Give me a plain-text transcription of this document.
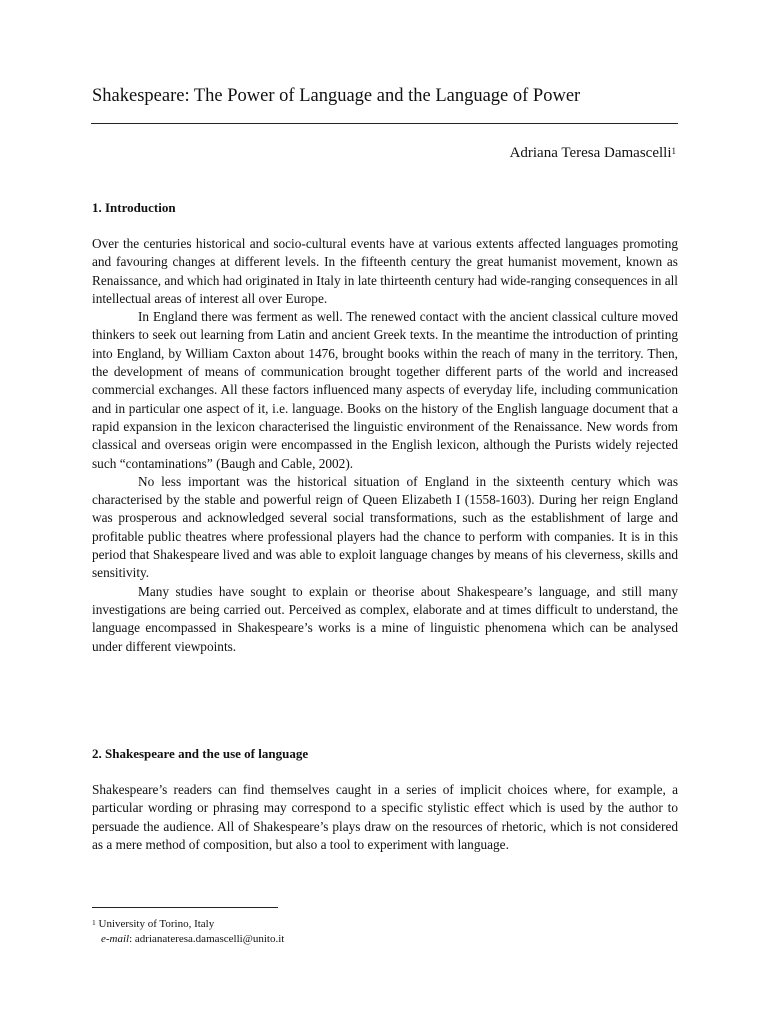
Shakespeare: The Power of Language and the Language of Power
Adriana Teresa Damascelli$^1$
1. Introduction

Over the centuries historical and socio-cultural events have at various extents affected languages promoting and favouring changes at different levels. In the fifteenth century the great humanist movement, known as Renaissance, and which had originated in Italy in late thirteenth century had wide-ranging consequences in all intellectual areas of interest all over Europe.

In England there was ferment as well. The renewed contact with the ancient classical culture moved thinkers to seek out learning from Latin and ancient Greek texts. In the meantime the introduction of printing into England, by William Caxton about 1476, brought books within the reach of many in the territory. Then, the development of means of communication brought together different parts of the world and increased commercial exchanges. All these factors influenced many aspects of everyday life, including communication and in particular one aspect of it, i.e. language. Books on the history of the English language document that a rapid expansion in the lexicon characterised the linguistic environment of the Renaissance. New words from classical and overseas origin were encompassed in the English lexicon, although the Purists widely rejected such “contaminations” (Baugh and Cable, 2002).

No less important was the historical situation of England in the sixteenth century which was characterised by the stable and powerful reign of Queen Elizabeth I (1558-1603). During her reign England was prosperous and acknowledged several social transformations, such as the establishment of large and profitable public theatres where professional players had the chance to perform with companies. It is in this period that Shakespeare lived and was able to exploit language changes by means of his cleverness, skills and sensitivity.

Many studies have sought to explain or theorise about Shakespeare’s language, and still many investigations are being carried out. Perceived as complex, elaborate and at times difficult to understand, the language encompassed in Shakespeare’s works is a mine of linguistic phenomena which can be analysed under different viewpoints.

2. Shakespeare and the use of language

Shakespeare’s readers can find themselves caught in a series of implicit choices where, for example, a particular wording or phrasing may correspond to a specific stylistic effect which is used by the author to persuade the audience. All of Shakespeare’s plays draw on the resources of rhetoric, which is not considered as a mere method of composition, but also a tool to experiment with language.

$^1$ University of Torino, Italy
e-mail: adrianateresa.damascelli@unito.it
